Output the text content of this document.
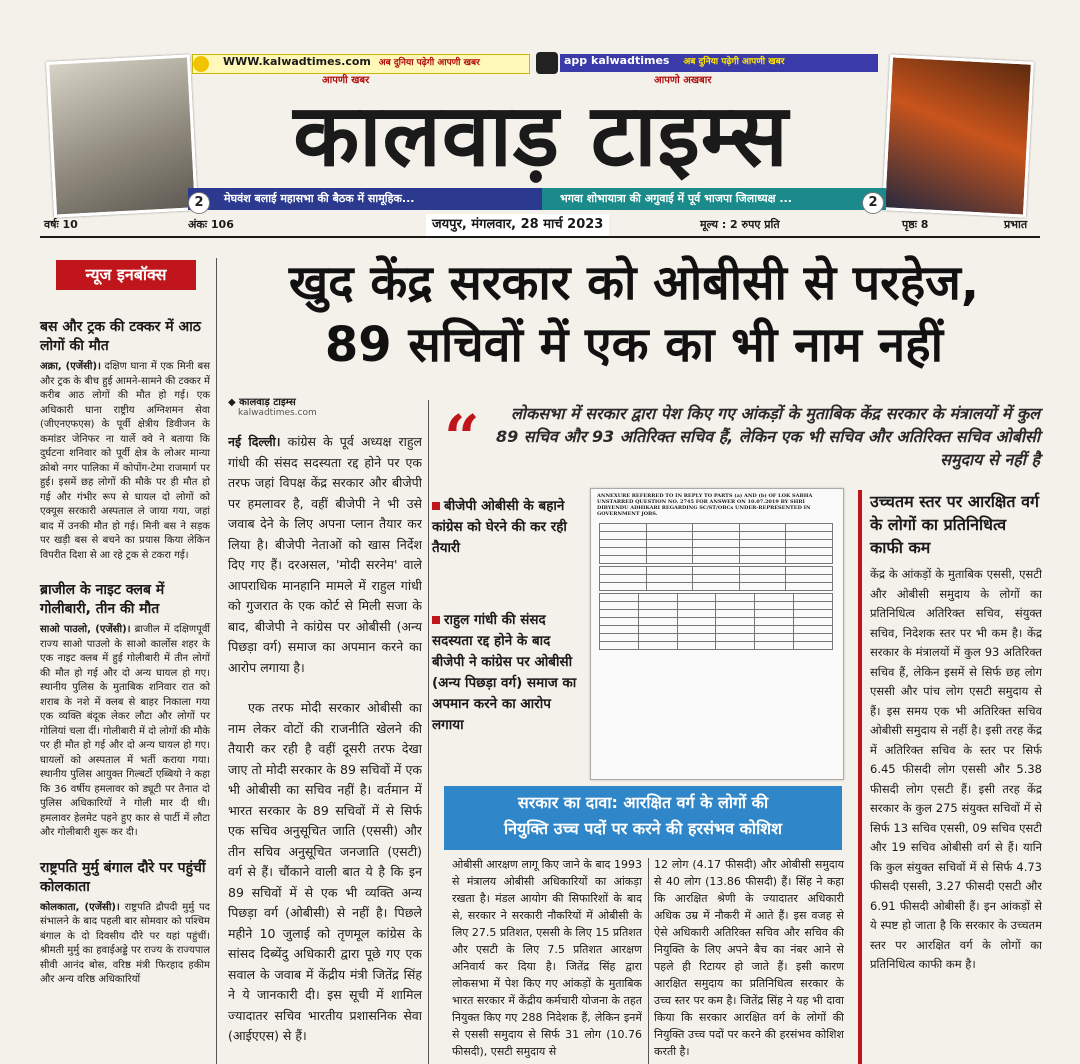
WWW.kalwadtimes.com अब दुनिया पढ़ेगी आपणी खबर	app kalwadtimes अब दुनिया पढ़ेगी आपणी खबर
आपणी खबर	आपणो अखबार
कालवाड़ टाइम्स
मेघवंश बलाई महासभा की बैठक में सामूहिक...	भगवा शोभायात्रा की अगुवाई में पूर्व भाजपा जिलाध्यक्ष ...
2	2
वर्षः 10	अंकः 106	जयपुर, मंगलवार, 28 मार्च 2023	मूल्य : 2 रुपए प्रति	पृष्ठः 8	प्रभात
न्यूज इनबॉक्स
बस और ट्रक की टक्कर में आठ लोगों की मौत
अक्रा, (एजेंसी)। दक्षिण घाना में एक मिनी बस और ट्रक के बीच हुई आमने-सामने की टक्कर में करीब आठ लोगों की मौत हो गई। एक अधिकारी घाना राष्ट्रीय अग्निशमन सेवा (जीएनएफएस) के पूर्वी क्षेत्रीय डिवीजन के कमांडर जेनिफर ना यार्ले क्वे ने बताया कि दुर्घटना शनिवार को पूर्वी क्षेत्र के लोअर मान्या क्रोबो नगर पालिका में कोपोंग-टेमा राजमार्ग पर हुई। इसमें छह लोगों की मौके पर ही मौत हो गई और गंभीर रूप से घायल दो लोगों को एक्यूस सरकारी अस्पताल ले जाया गया, जहां बाद में उनकी मौत हो गई। मिनी बस ने सड़क पर खड़ी बस से बचने का प्रयास किया लेकिन विपरीत दिशा से आ रहे ट्रक से टकरा गई।
ब्राजील के नाइट क्लब में गोलीबारी, तीन की मौत
साओ पाउलो, (एजेंसी)। ब्राजील में दक्षिणपूर्वी राज्य साओ पाउलो के साओ कार्लोस शहर के एक नाइट क्लब में हुई गोलीबारी में तीन लोगों की मौत हो गई और दो अन्य घायल हो गए। स्थानीय पुलिस के मुताबिक शनिवार रात को शराब के नशे में क्लब से बाहर निकाला गया एक व्यक्ति बंदूक लेकर लौटा और लोगों पर गोलियां चला दीं। गोलीबारी में दो लोगों की मौके पर ही मौत हो गई और दो अन्य घायल हो गए। घायलों को अस्पताल में भर्ती कराया गया। स्थानीय पुलिस आयुक्त गिल्बर्टो एब्बियो ने कहा कि 36 वर्षीय हमलावर को ड्यूटी पर तैनात दो पुलिस अधिकारियों ने गोली मार दी थी। हमलावर हेलमेट पहने हुए कार से पार्टी में लौटा और गोलीबारी शुरू कर दी।
राष्ट्रपति मुर्मु बंगाल दौरे पर पहुंचीं कोलकाता
कोलकाता, (एजेंसी)। राष्ट्रपति द्रौपदी मुर्मु पद संभालने के बाद पहली बार सोमवार को पश्चिम बंगाल के दो दिवसीय दौरे पर यहां पहुंचीं। श्रीमती मुर्मु का हवाईअड्डे पर राज्य के राज्यपाल सीवी आनंद बोस, वरिष्ठ मंत्री फिरहाद हकीम और अन्य वरिष्ठ अधिकारियों
खुद केंद्र सरकार को ओबीसी से परहेज,
89 सचिवों में एक का भी नाम नहीं
◆ कालवाड़ टाइम्स
kalwadtimes.com

नई दिल्ली। कांग्रेस के पूर्व अध्यक्ष राहुल गांधी की संसद सदस्यता रद्द होने पर एक तरफ जहां विपक्ष केंद्र सरकार और बीजेपी पर हमलावर है, वहीं बीजेपी ने भी उसे जवाब देने के लिए अपना प्लान तैयार कर लिया है। बीजेपी नेताओं को खास निर्देश दिए गए हैं। दरअसल, 'मोदी सरनेम' वाले आपराधिक मानहानि मामले में राहुल गांधी को गुजरात के एक कोर्ट से मिली सजा के बाद, बीजेपी ने कांग्रेस पर ओबीसी (अन्य पिछड़ा वर्ग) समाज का अपमान करने का आरोप लगाया है।

एक तरफ मोदी सरकार ओबीसी का नाम लेकर वोटों की राजनीति खेलने की तैयारी कर रही है वहीं दूसरी तरफ देखा जाए तो मोदी सरकार के 89 सचिवों में एक भी ओबीसी का सचिव नहीं है। वर्तमान में भारत सरकार के 89 सचिवों में से सिर्फ एक सचिव अनुसूचित जाति (एससी) और तीन सचिव अनुसूचित जनजाति (एसटी) वर्ग से हैं। चौंकाने वाली बात ये है कि इन 89 सचिवों में से एक भी व्यक्ति अन्य पिछड़ा वर्ग (ओबीसी) से नहीं है। पिछले महीने 10 जुलाई को तृणमूल कांग्रेस के सांसद दिब्येंदु अधिकारी द्वारा पूछे गए एक सवाल के जवाब में केंद्रीय मंत्री जितेंद्र सिंह ने ये जानकारी दी। इस सूची में शामिल ज्यादातर सचिव भारतीय प्रशासनिक सेवा (आईएएस) से हैं।

“	लोकसभा में सरकार द्वारा पेश किए गए आंकड़ों के मुताबिक केंद्र सरकार के मंत्रालयों में कुल 89 सचिव और 93 अतिरिक्त सचिव हैं, लेकिन एक भी सचिव और अतिरिक्त सचिव ओबीसी समुदाय से नहीं है
बीजेपी ओबीसी के बहाने कांग्रेस को घेरने की कर रही तैयारी
राहुल गांधी की संसद सदस्यता रद्द होने के बाद बीजेपी ने कांग्रेस पर ओबीसी (अन्य पिछड़ा वर्ग) समाज का अपमान करने का आरोप लगाया
ANNEXURE REFERRED TO IN REPLY TO PARTS (a) AND (b) OF LOK SABHA UNSTARRED QUESTION NO. 2745 FOR ANSWER ON 10.07.2019 BY SHRI DIBYENDU ADHIKARI REGARDING SC/ST/OBCs UNDER-REPRESENTED IN GOVERNMENT JOBS.

उच्चतम स्तर पर आरक्षित वर्ग के लोगों का प्रतिनिधित्व काफी कम
केंद्र के आंकड़ों के मुताबिक एससी, एसटी और ओबीसी समुदाय के लोगों का प्रतिनिधित्व अतिरिक्त सचिव, संयुक्त सचिव, निदेशक स्तर पर भी कम है। केंद्र सरकार के मंत्रालयों में कुल 93 अतिरिक्त सचिव हैं, लेकिन इसमें से सिर्फ छह लोग एससी और पांच लोग एसटी समुदाय से हैं। इस समय एक भी अतिरिक्त सचिव ओबीसी समुदाय से नहीं है। इसी तरह केंद्र में अतिरिक्त सचिव के स्तर पर सिर्फ 6.45 फीसदी लोग एससी और 5.38 फीसदी लोग एसटी हैं। इसी तरह केंद्र सरकार के कुल 275 संयुक्त सचिवों में से सिर्फ 13 सचिव एससी, 09 सचिव एसटी और 19 सचिव ओबीसी वर्ग से हैं। यानि कि कुल संयुक्त सचिवों में से सिर्फ 4.73 फीसदी एससी, 3.27 फीसदी एसटी और 6.91 फीसदी ओबीसी हैं। इन आंकड़ों से ये स्पष्ट हो जाता है कि सरकार के उच्चतम स्तर पर आरक्षित वर्ग के लोगों का प्रतिनिधित्व काफी कम है।
सरकार का दावा: आरक्षित वर्ग के लोगों की
नियुक्ति उच्च पदों पर करने की हरसंभव कोशिश
ओबीसी आरक्षण लागू किए जाने के बाद 1993 से मंत्रालय ओबीसी अधिकारियों का आंकड़ा रखता है। मंडल आयोग की सिफारिशों के बाद से, सरकार ने सरकारी नौकरियों में ओबीसी के लिए 27.5 प्रतिशत, एससी के लिए 15 प्रतिशत और एसटी के लिए 7.5 प्रतिशत आरक्षण अनिवार्य कर दिया है। जितेंद्र सिंह द्वारा लोकसभा में पेश किए गए आंकड़ों के मुताबिक भारत सरकार में केंद्रीय कर्मचारी योजना के तहत नियुक्त किए गए 288 निदेशक हैं, लेकिन इनमें से एससी समुदाय से सिर्फ 31 लोग (10.76 फीसदी), एसटी समुदाय से
12 लोग (4.17 फीसदी) और ओबीसी समुदाय से 40 लोग (13.86 फीसदी) हैं। सिंह ने कहा कि आरक्षित श्रेणी के ज्यादातर अधिकारी अधिक उम्र में नौकरी में आते हैं। इस वजह से ऐसे अधिकारी अतिरिक्त सचिव और सचिव की नियुक्ति के लिए अपने बैच का नंबर आने से पहले ही रिटायर हो जाते हैं। इसी कारण आरक्षित समुदाय का प्रतिनिधित्व सरकार के उच्च स्तर पर कम है। जितेंद्र सिंह ने यह भी दावा किया कि सरकार आरक्षित वर्ग के लोगों की नियुक्ति उच्च पदों पर करने की हरसंभव कोशिश करती है।
